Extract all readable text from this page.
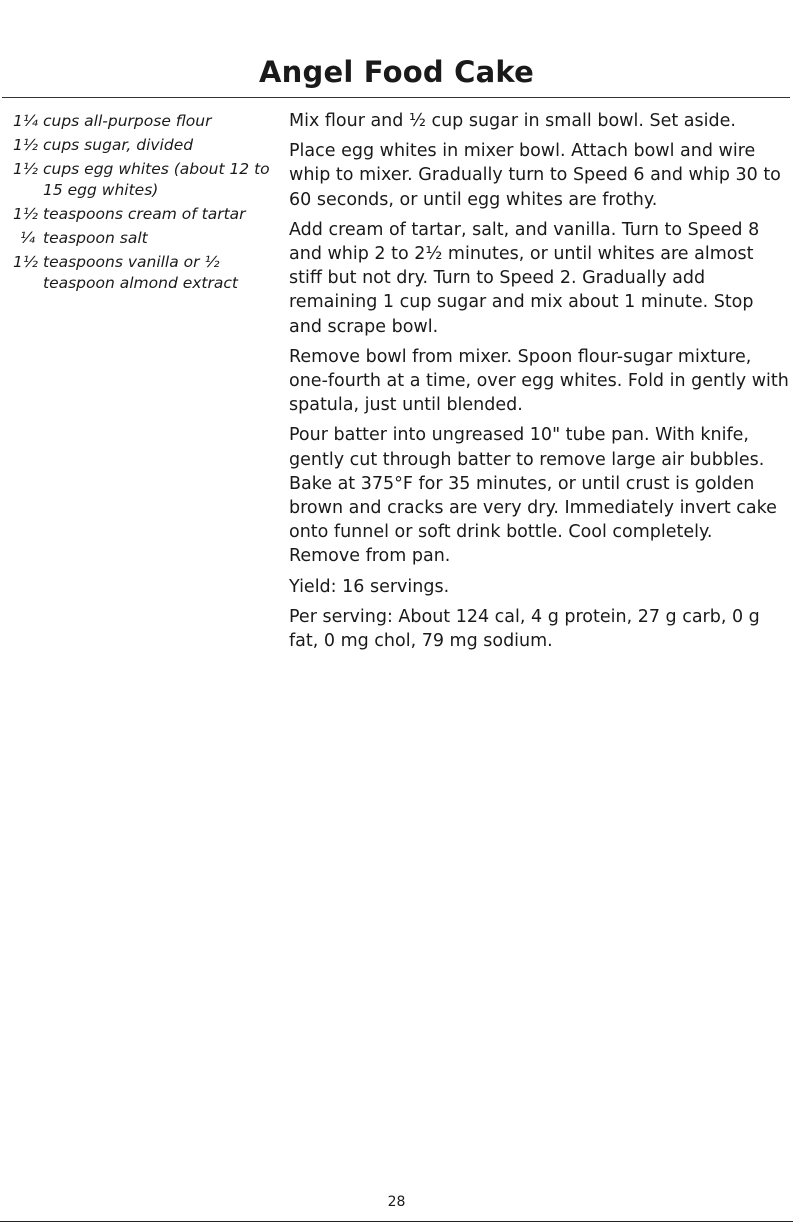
Angel Food Cake
1¼ cups all-purpose flour
1½ cups sugar, divided
1½ cups egg whites (about 12 to 15 egg whites)
1½ teaspoons cream of tartar
¼ teaspoon salt
1½ teaspoons vanilla or ½ teaspoon almond extract

Mix flour and ½ cup sugar in small bowl. Set aside.

Place egg whites in mixer bowl. Attach bowl and wire whip to mixer. Gradually turn to Speed 6 and whip 30 to 60 seconds, or until egg whites are frothy.

Add cream of tartar, salt, and vanilla. Turn to Speed 8 and whip 2 to 2½ minutes, or until whites are almost stiff but not dry. Turn to Speed 2. Gradually add remaining 1 cup sugar and mix about 1 minute. Stop and scrape bowl.

Remove bowl from mixer. Spoon flour-sugar mixture, one-fourth at a time, over egg whites. Fold in gently with spatula, just until blended.

Pour batter into ungreased 10" tube pan. With knife, gently cut through batter to remove large air bubbles. Bake at 375°F for 35 minutes, or until crust is golden brown and cracks are very dry. Immediately invert cake onto funnel or soft drink bottle. Cool completely. Remove from pan.

Yield: 16 servings.

Per serving: About 124 cal, 4 g protein, 27 g carb, 0 g fat, 0 mg chol, 79 mg sodium.

28
